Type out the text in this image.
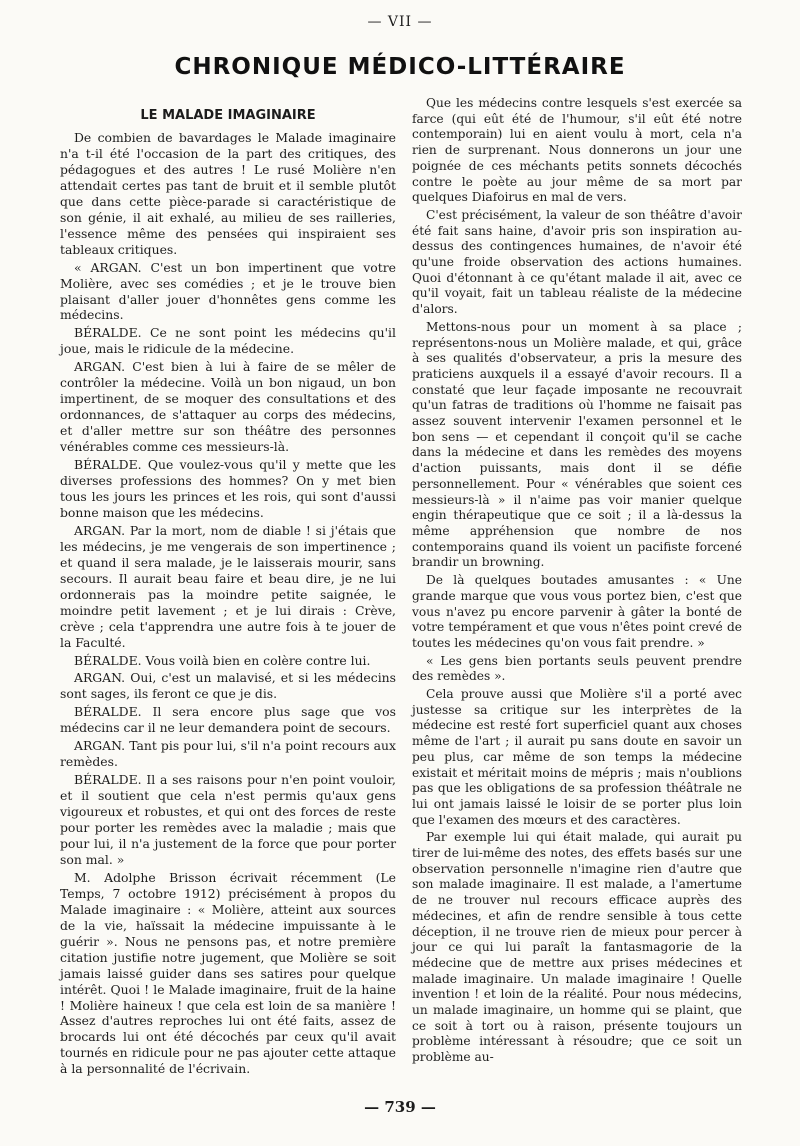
— VII —
CHRONIQUE MÉDICO-LITTÉRAIRE
LE MALADE IMAGINAIRE

De combien de bavardages le Malade imaginaire n'a t-il été l'occasion de la part des critiques, des pédagogues et des autres ! Le rusé Molière n'en attendait certes pas tant de bruit et il semble plutôt que dans cette pièce-parade si caractéristique de son génie, il ait exhalé, au milieu de ses railleries, l'essence même des pensées qui inspiraient ses tableaux critiques.

« ARGAN. C'est un bon impertinent que votre Molière, avec ses comédies ; et je le trouve bien plaisant d'aller jouer d'honnêtes gens comme les médecins.

BÉRALDE. Ce ne sont point les médecins qu'il joue, mais le ridicule de la médecine.

ARGAN. C'est bien à lui à faire de se mêler de contrôler la médecine. Voilà un bon nigaud, un bon impertinent, de se moquer des consultations et des ordonnances, de s'attaquer au corps des médecins, et d'aller mettre sur son théâtre des personnes vénérables comme ces messieurs-là.

BÉRALDE. Que voulez-vous qu'il y mette que les diverses professions des hommes? On y met bien tous les jours les princes et les rois, qui sont d'aussi bonne maison que les médecins.

ARGAN. Par la mort, nom de diable ! si j'étais que les médecins, je me vengerais de son impertinence ; et quand il sera malade, je le laisserais mourir, sans secours. Il aurait beau faire et beau dire, je ne lui ordonnerais pas la moindre petite saignée, le moindre petit lavement ; et je lui dirais : Crève, crève ; cela t'apprendra une autre fois à te jouer de la Faculté.

BÉRALDE. Vous voilà bien en colère contre lui.

ARGAN. Oui, c'est un malavisé, et si les médecins sont sages, ils feront ce que je dis.

BÉRALDE. Il sera encore plus sage que vos médecins car il ne leur demandera point de secours.

ARGAN. Tant pis pour lui, s'il n'a point recours aux remèdes.

BÉRALDE. Il a ses raisons pour n'en point vouloir, et il soutient que cela n'est permis qu'aux gens vigoureux et robustes, et qui ont des forces de reste pour porter les remèdes avec la maladie ; mais que pour lui, il n'a justement de la force que pour porter son mal. »

M. Adolphe Brisson écrivait récemment (Le Temps, 7 octobre 1912) précisément à propos du Malade imaginaire : « Molière, atteint aux sources de la vie, haïssait la médecine impuissante à le guérir ». Nous ne pensons pas, et notre première citation justifie notre jugement, que Molière se soit jamais laissé guider dans ses satires pour quelque intérêt. Quoi ! le Malade imaginaire, fruit de la haine ! Molière haineux ! que cela est loin de sa manière ! Assez d'autres reproches lui ont été faits, assez de brocards lui ont été décochés par ceux qu'il avait tournés en ridicule pour ne pas ajouter cette attaque à la personnalité de l'écrivain.

Que les médecins contre lesquels s'est exercée sa farce (qui eût été de l'humour, s'il eût été notre contemporain) lui en aient voulu à mort, cela n'a rien de surprenant. Nous donnerons un jour une poignée de ces méchants petits sonnets décochés contre le poète au jour même de sa mort par quelques Diafoirus en mal de vers.

C'est précisément, la valeur de son théâtre d'avoir été fait sans haine, d'avoir pris son inspiration au-dessus des contingences humaines, de n'avoir été qu'une froide observation des actions humaines. Quoi d'étonnant à ce qu'étant malade il ait, avec ce qu'il voyait, fait un tableau réaliste de la médecine d'alors.

Mettons-nous pour un moment à sa place ; représentons-nous un Molière malade, et qui, grâce à ses qualités d'observateur, a pris la mesure des praticiens auxquels il a essayé d'avoir recours. Il a constaté que leur façade imposante ne recouvrait qu'un fatras de traditions où l'homme ne faisait pas assez souvent intervenir l'examen personnel et le bon sens — et cependant il conçoit qu'il se cache dans la médecine et dans les remèdes des moyens d'action puissants, mais dont il se défie personnellement. Pour « vénérables que soient ces messieurs-là » il n'aime pas voir manier quelque engin thérapeutique que ce soit ; il a là-dessus la même appréhension que nombre de nos contemporains quand ils voient un pacifiste forcené brandir un browning.

De là quelques boutades amusantes : « Une grande marque que vous vous portez bien, c'est que vous n'avez pu encore parvenir à gâter la bonté de votre tempérament et que vous n'êtes point crevé de toutes les médecines qu'on vous fait prendre. »

« Les gens bien portants seuls peuvent prendre des remèdes ».

Cela prouve aussi que Molière s'il a porté avec justesse sa critique sur les interprètes de la médecine est resté fort superficiel quant aux choses même de l'art ; il aurait pu sans doute en savoir un peu plus, car même de son temps la médecine existait et méritait moins de mépris ; mais n'oublions pas que les obligations de sa profession théâtrale ne lui ont jamais laissé le loisir de se porter plus loin que l'examen des mœurs et des caractères.

Par exemple lui qui était malade, qui aurait pu tirer de lui-même des notes, des effets basés sur une observation personnelle n'imagine rien d'autre que son malade imaginaire. Il est malade, a l'amertume de ne trouver nul recours efficace auprès des médecines, et afin de rendre sensible à tous cette déception, il ne trouve rien de mieux pour percer à jour ce qui lui paraît la fantasmagorie de la médecine que de mettre aux prises médecines et malade imaginaire. Un malade imaginaire ! Quelle invention ! et loin de la réalité. Pour nous médecins, un malade imaginaire, un homme qui se plaint, que ce soit à tort ou à raison, présente toujours un problème intéressant à résoudre; que ce soit un problème au-

— 739 —
